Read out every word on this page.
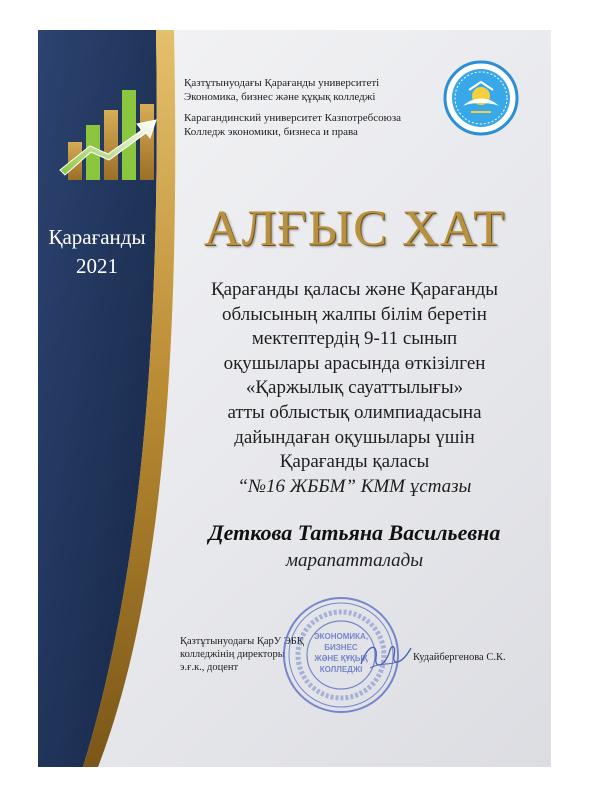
Қарағанды
2021
Қазтұтынуодағы Қарағанды университеті
Экономика, бизнес және құқық колледжі
Карагандинский университет Казпотребсоюза
Колледж экономики, бизнеса и права
АЛҒЫС ХАТ
Қарағанды қаласы және Қарағанды
облысының жалпы білім беретін
мектептердің 9-11 сынып
оқушылары арасында өткізілген
«Қаржылық сауаттылығы»
атты облыстық олимпиадасына
дайындаған оқушылары үшін
Қарағанды қаласы
“№16 ЖББМ” КММ ұстазы
Деткова Татьяна Васильевна
марапатталады
Қазтұтынуодағы ҚарУ ЭБҚ
колледжінің директоры
э.ғ.к., доцент
ЭКОНОМИКА,
БИЗНЕС
ЖӘНЕ ҚҰҚЫҚ
КОЛЛЕДЖІ
Кудайбергенова С.К.
